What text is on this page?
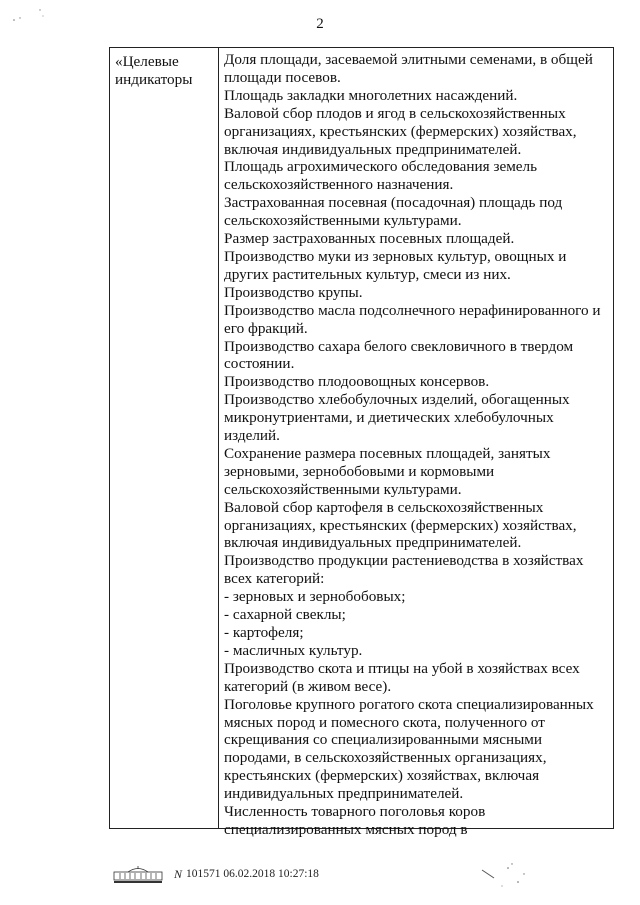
2
«Целевые индикаторы

Доля площади, засеваемой элитными семенами, в общей площади посевов.

Площадь закладки многолетних насаждений.

Валовой сбор плодов и ягод в сельскохозяйственных организациях, крестьянских (фермерских) хозяйствах, включая индивидуальных предпринимателей.

Площадь агрохимического обследования земель сельскохозяйственного назначения.

Застрахованная посевная (посадочная) площадь под сельскохозяйственными культурами.

Размер застрахованных посевных площадей.

Производство муки из зерновых культур, овощных и других растительных культур, смеси из них.

Производство крупы.

Производство масла подсолнечного нерафинированного и его фракций.

Производство сахара белого свекловичного в твердом состоянии.

Производство плодоовощных консервов.

Производство хлебобулочных изделий, обогащенных микронутриентами, и диетических хлебобулочных изделий.

Сохранение размера посевных площадей, занятых зерновыми, зернобобовыми и кормовыми сельскохозяйственными культурами.

Валовой сбор картофеля в сельскохозяйственных организациях, крестьянских (фермерских) хозяйствах, включая индивидуальных предпринимателей.

Производство продукции растениеводства в хозяйствах всех категорий:

- зерновых и зернобобовых;

- сахарной свеклы;

- картофеля;

- масличных культур.

Производство скота и птицы на убой в хозяйствах всех категорий (в живом весе).

Поголовье крупного рогатого скота специализированных мясных пород и помесного скота, полученного от скрещивания со специализированными мясными породами, в сельскохозяйственных организациях, крестьянских (фермерских) хозяйствах, включая индивидуальных предпринимателей.

Численность товарного поголовья коров специализированных мясных пород в

N 101571 06.02.2018 10:27:18
